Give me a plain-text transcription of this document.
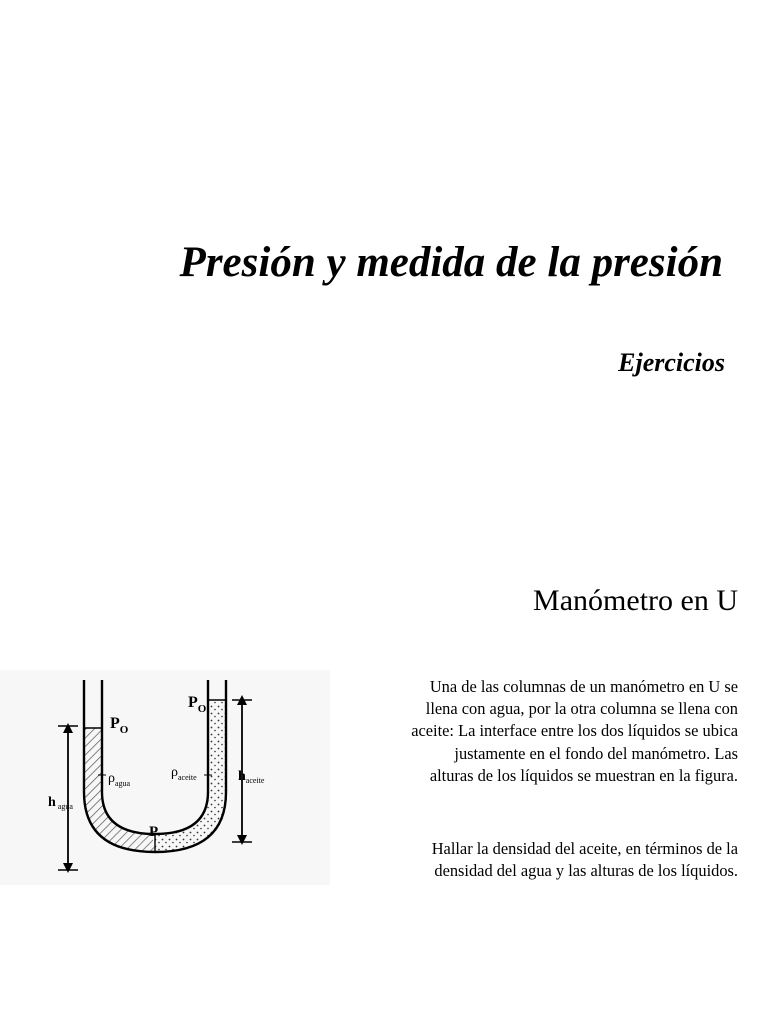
Presión y medida de la presión
Ejercicios
Manómetro en U
Una de las columnas de un manómetro en U se
llena con agua, por la otra columna se llena con
aceite: La interface entre los dos líquidos se ubica
justamente en el fondo del manómetro. Las
alturas de los líquidos se muestran en la figura.
Hallar la densidad del aceite, en términos de la
densidad del agua y las alturas de los líquidos.
$P_O$
$P_O$
$\rho_{agua}$
$\rho_{aceite}$
h $_{agua}$
$h_{aceite}$
P
